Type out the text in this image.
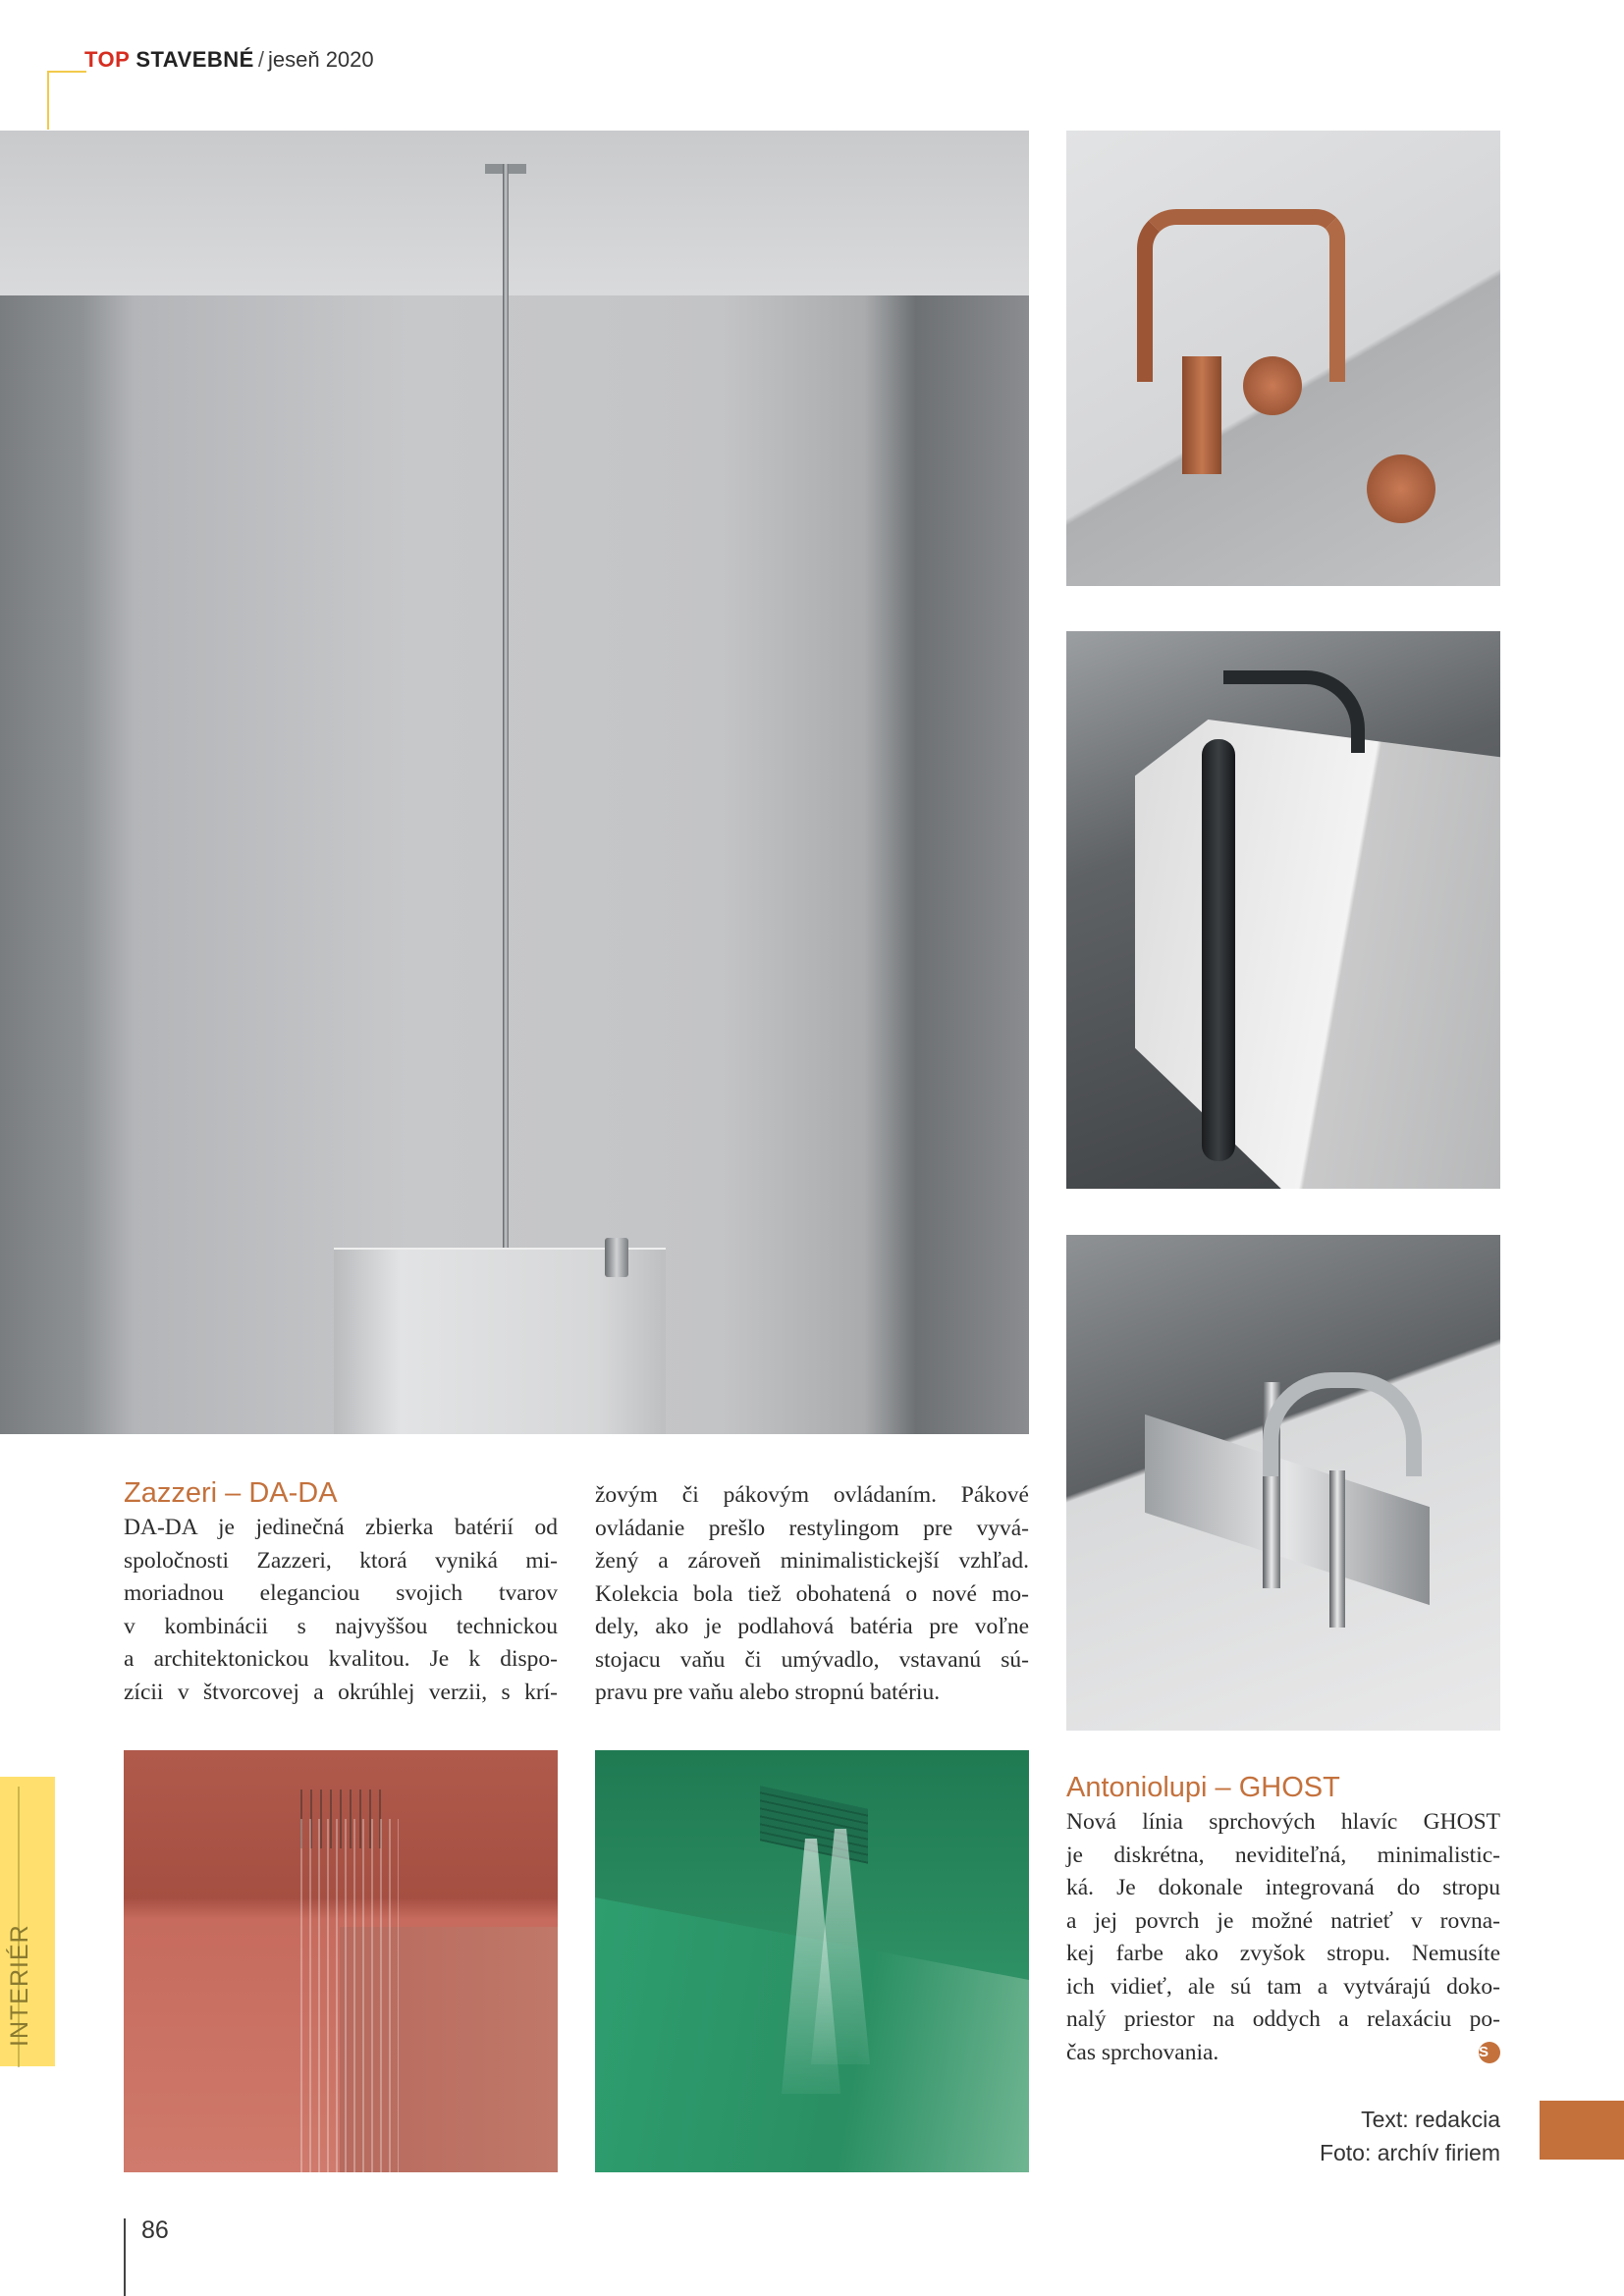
TOP STAVEBNÉ / jeseň 2020
Zazzeri – DA-DA
DA-DA je jedinečná zbierka batérií od
spoločnosti Zazzeri, ktorá vyniká mi-
moriadnou eleganciou svojich tvarov
v kombinácii s najvyššou technickou
a architektonickou kvalitou. Je k dispo-
zícii v štvorcovej a okrúhlej verzii, s krí-
žovým či pákovým ovládaním. Pákové
ovládanie prešlo restylingom pre vyvá-
žený a zároveň minimalistickejší vzhľad.
Kolekcia bola tiež obohatená o nové mo-
dely, ako je podlahová batéria pre voľne
stojacu vaňu či umývadlo, vstavanú sú-
pravu pre vaňu alebo stropnú batériu.
Antoniolupi – GHOST
Nová línia sprchových hlavíc GHOST
je diskrétna, neviditeľná, minimalistic-
ká. Je dokonale integrovaná do stropu
a jej povrch je možné natrieť v rovna-
kej farbe ako zvyšok stropu. Nemusíte
ich vidieť, ale sú tam a vytvárajú doko-
nalý priestor na oddych a relaxáciu po-
čas sprchovania.	S
Text: redakcia
Foto: archív firiem
INTERIÉR
86
